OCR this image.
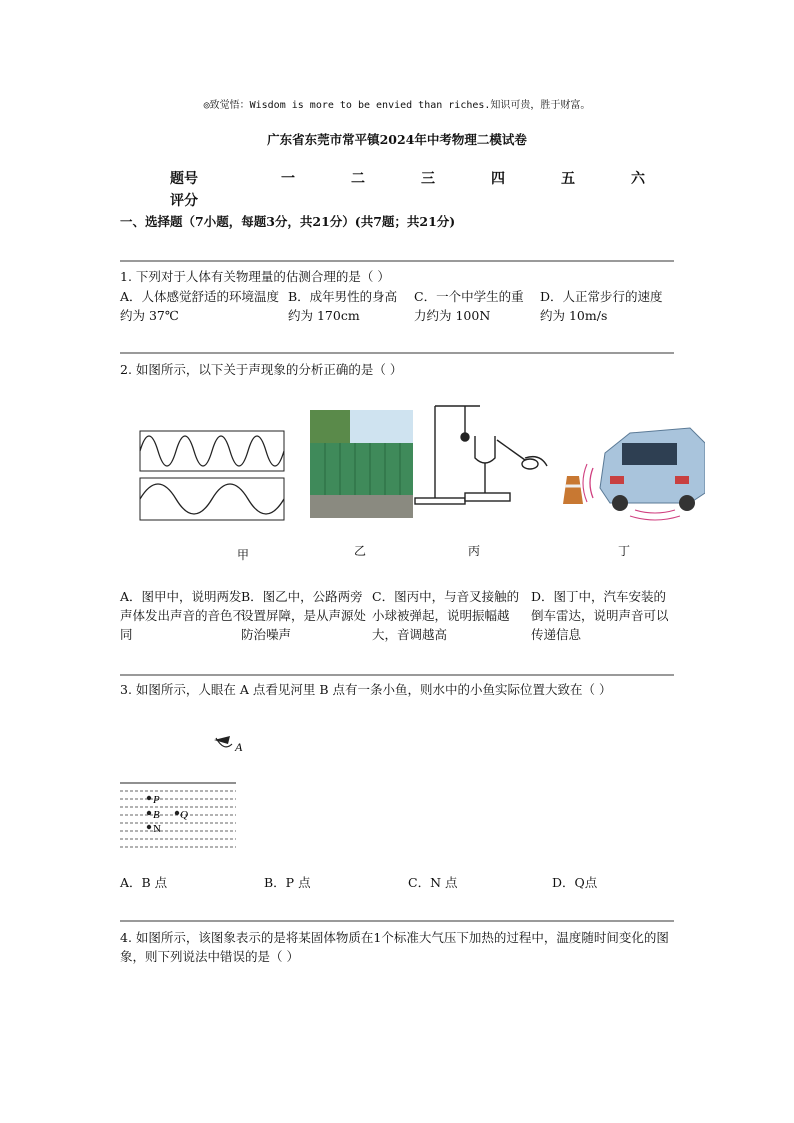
◎致觉悟：Wisdom is more to be envied than riches.知识可贵，胜于财富。
广东省东莞市常平镇2024年中考物理二模试卷
题号	一	二	三	四	五	六
评分
一、选择题（7小题，每题3分，共21分）(共7题；共21分)
1. 下列对于人体有关物理量的估测合理的是（ ）
A．人体感觉舒适的环境温度约为 37℃
B．成年男性的身高约为 170cm
C．一个中学生的重力约为 100N
D．人正常步行的速度约为 10m/s
2. 如图所示，以下关于声现象的分析正确的是（ ）
甲	乙	丙	丁
A．图甲中，说明两发声体发出声音的音色不同
B．图乙中，公路两旁设置屏障，是从声源处防治噪声
C．图丙中，与音叉接触的小球被弹起，说明振幅越大，音调越高
D．图丁中，汽车安装的倒车雷达，说明声音可以传递信息
3. 如图所示，人眼在 A 点看见河里 B 点有一条小鱼，则水中的小鱼实际位置大致在（ ）
A
P
B Q
N
A．B 点	B．P 点	C．N 点	D．Q点
4. 如图所示，该图象表示的是将某固体物质在1个标准大气压下加热的过程中，温度随时间变化的图象，则下列说法中错误的是（ ）
